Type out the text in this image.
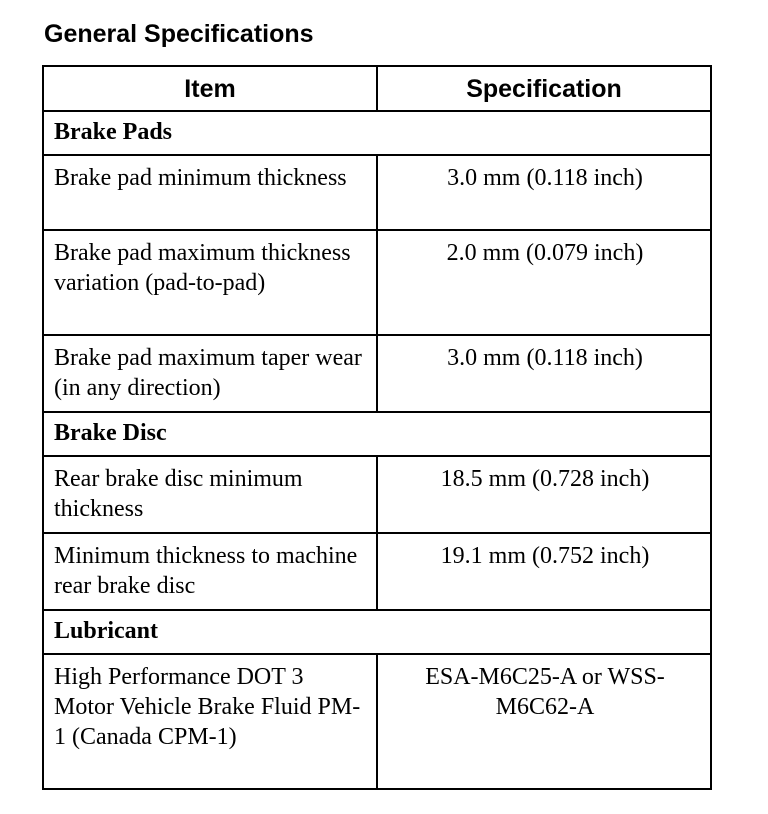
General Specifications
Item	Specification
Brake Pads	
Brake pad minimum thickness	3.0 mm (0.118 inch)
Brake pad maximum thickness variation (pad-to-pad)	2.0 mm (0.079 inch)
Brake pad maximum taper wear (in any direction)	3.0 mm (0.118 inch)
Brake Disc	
Rear brake disc minimum thickness	18.5 mm (0.728 inch)
Minimum thickness to machine rear brake disc	19.1 mm (0.752 inch)
Lubricant	
High Performance DOT 3 Motor Vehicle Brake Fluid PM-1 (Canada CPM-1)	ESA-M6C25-A or WSS-M6C62-A
